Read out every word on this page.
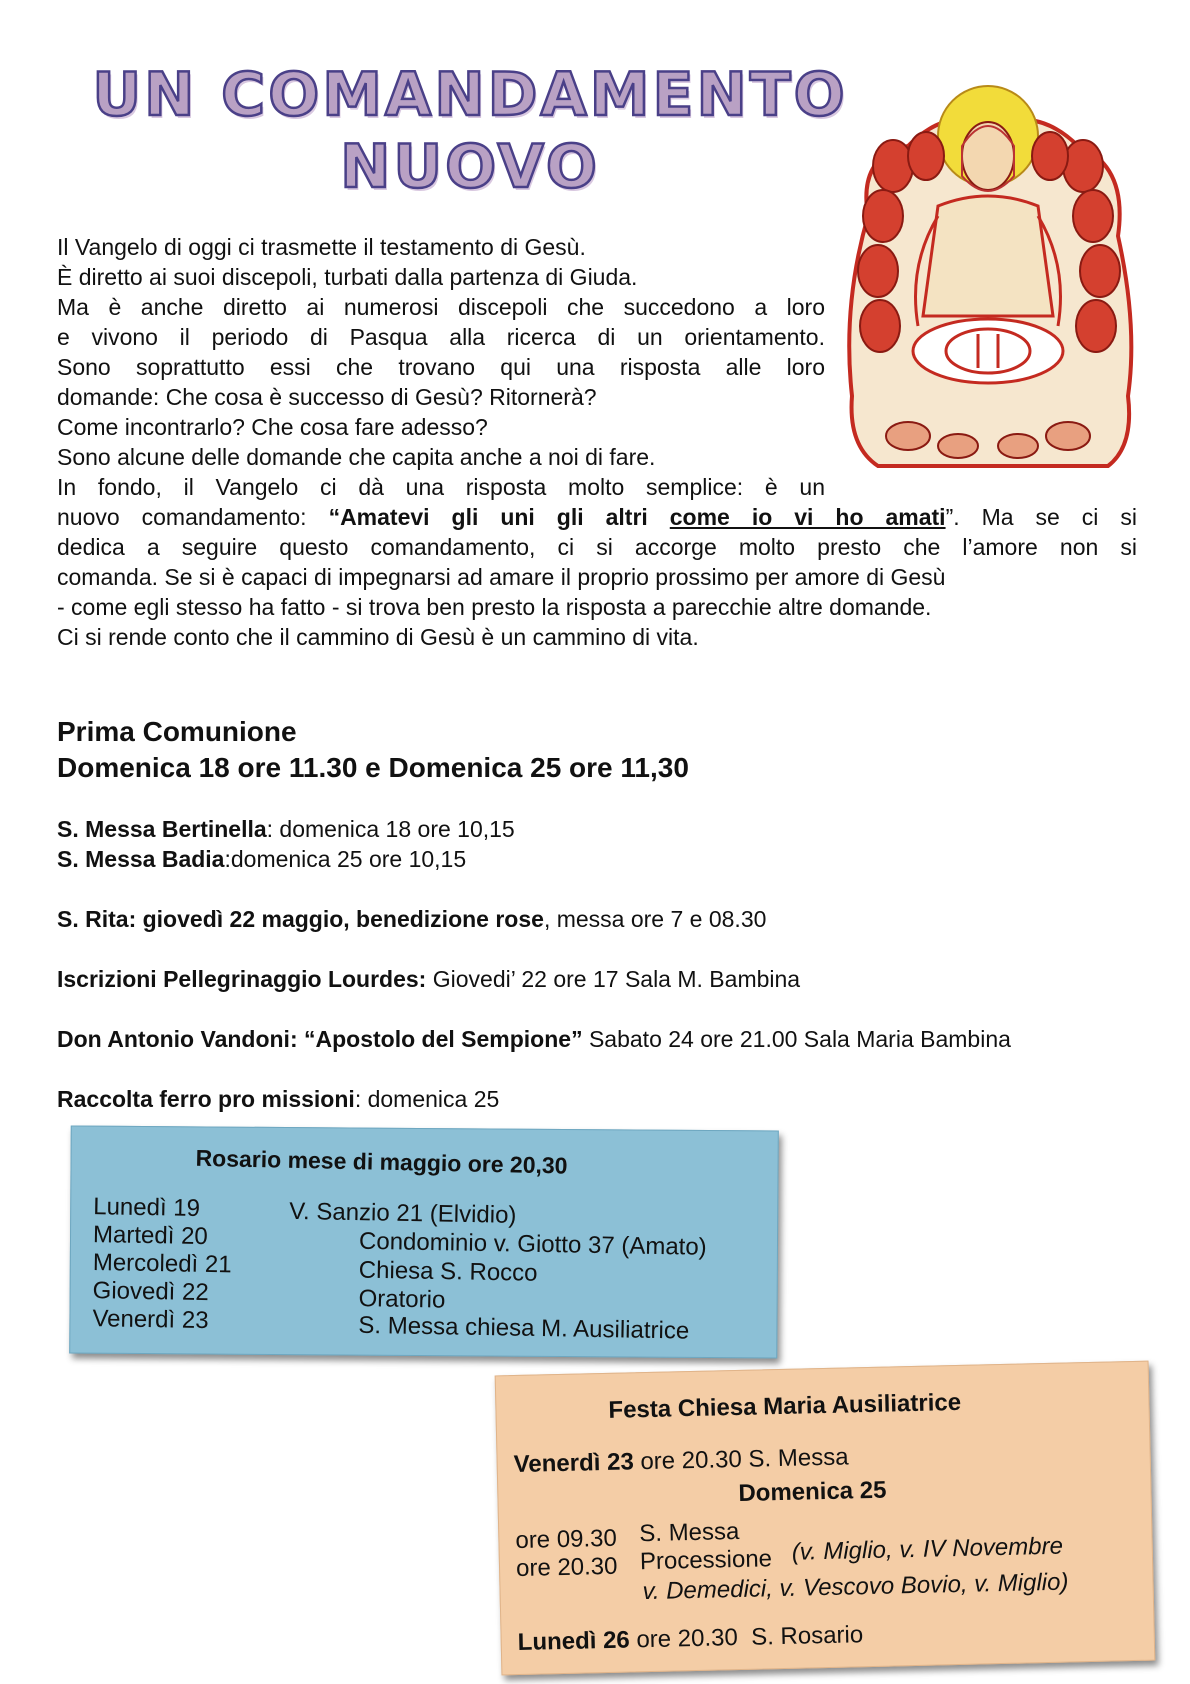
UN COMANDAMENTO
NUOVO
Il Vangelo di oggi ci trasmette il testamento di Gesù.
È diretto ai suoi discepoli, turbati dalla partenza di Giuda.
Ma è anche diretto ai numerosi discepoli che succedono a loro
e vivono il periodo di Pasqua alla ricerca di un orientamento.
Sono soprattutto essi che trovano qui una risposta alle loro
domande: Che cosa è successo di Gesù? Ritornerà?
Come incontrarlo? Che cosa fare adesso?
Sono alcune delle domande che capita anche a noi di fare.
In fondo, il Vangelo ci dà una risposta molto semplice: è un
nuovo comandamento: “Amatevi gli uni gli altri come io vi ho amati”. Ma se ci si
dedica a seguire questo comandamento, ci si accorge molto presto che l’amore non si
comanda. Se si è capaci di impegnarsi ad amare il proprio prossimo per amore di Gesù
- come egli stesso ha fatto - si trova ben presto la risposta a parecchie altre domande.
Ci si rende conto che il cammino di Gesù è un cammino di vita.
Prima Comunione
Domenica 18 ore 11.30 e Domenica 25 ore 11,30
S. Messa Bertinella: domenica 18 ore 10,15
S. Messa Badia:domenica 25 ore 10,15
S. Rita: giovedì 22 maggio, benedizione rose, messa ore 7 e 08.30
Iscrizioni Pellegrinaggio Lourdes: Giovedi’ 22 ore 17 Sala M. Bambina
Don Antonio Vandoni: “Apostolo del Sempione” Sabato 24 ore 21.00 Sala Maria Bambina
Raccolta ferro pro missioni: domenica 25
Rosario mese di maggio ore 20,30
Lunedì 19
Martedì 20
Mercoledì 21
Giovedì 22
Venerdì 23
V. Sanzio 21 (Elvidio)
Condominio v. Giotto 37 (Amato)
Chiesa S. Rocco
Oratorio
S. Messa chiesa M. Ausiliatrice
Festa Chiesa Maria Ausiliatrice
Venerdì 23 ore 20.30 S. Messa
Domenica 25
ore 09.30 S. Messa
ore 20.30 Processione (v. Miglio, v. IV Novembre
v. Demedici, v. Vescovo Bovio, v. Miglio)
Lunedì 26 ore 20.30 S. Rosario
